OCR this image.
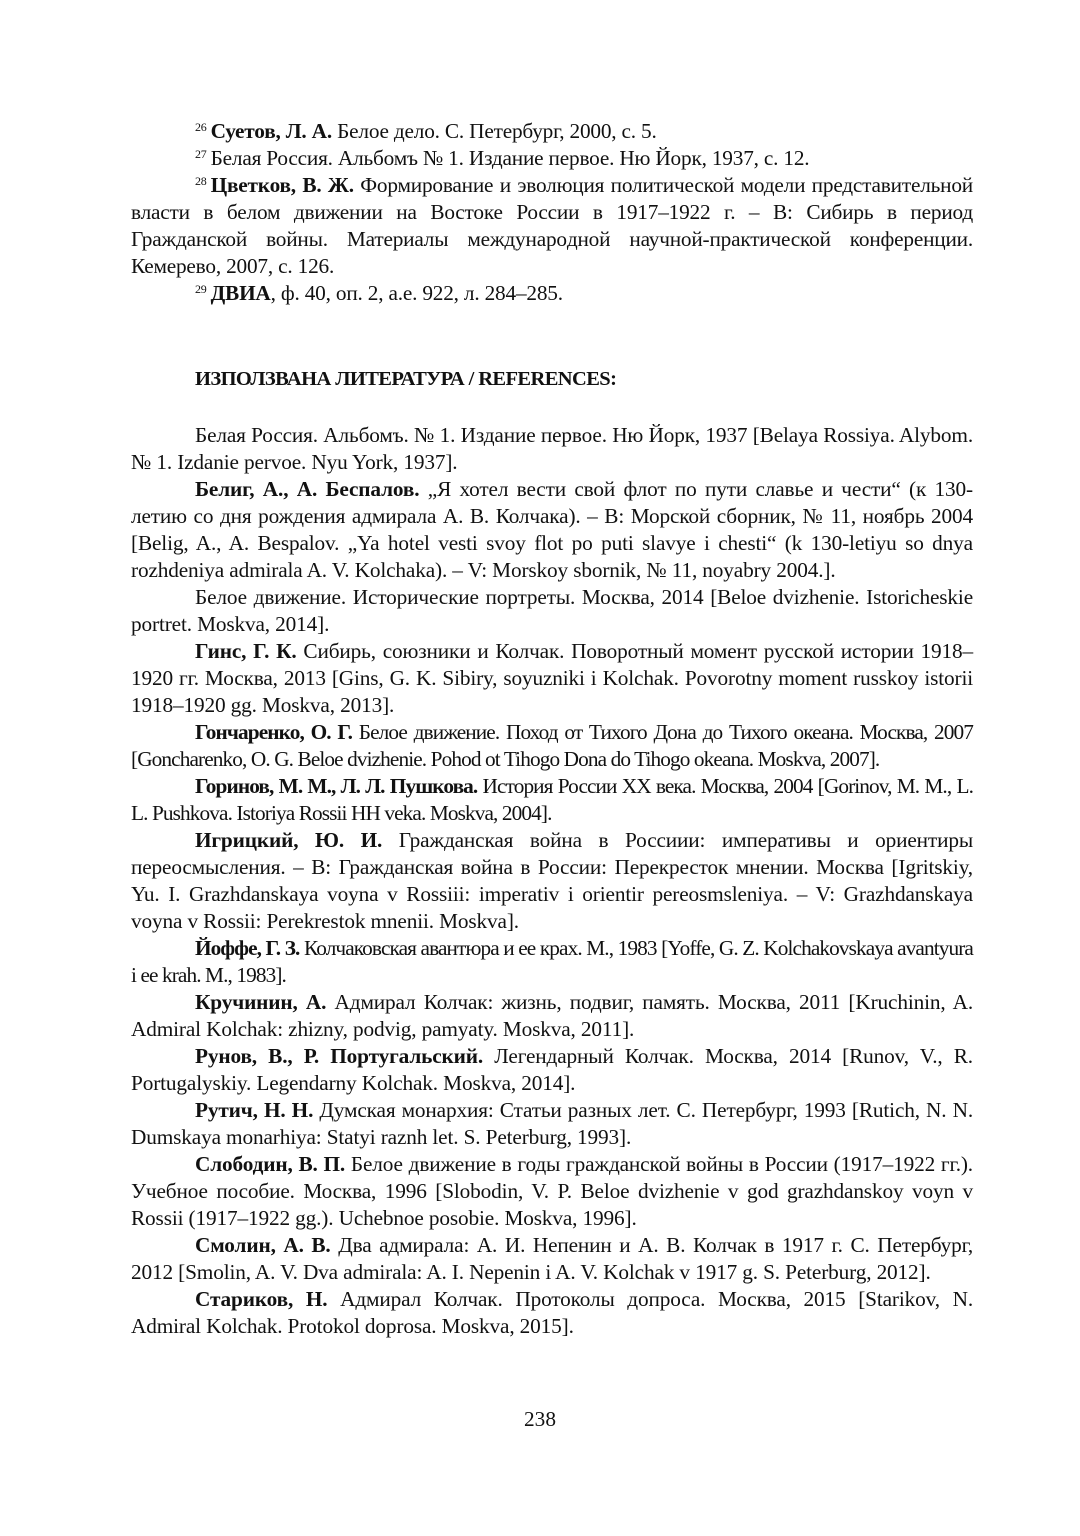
$^{26}$ Суетов, Л. А. Белое дело. С. Петербург, 2000, с. 5.

$^{27}$ Белая Россия. Альбомъ № 1. Издание первое. Ню Йорк, 1937, с. 12.

$^{28}$ Цветков, В. Ж. Формирование и эволюция политической модели представительной власти в белом движении на Востоке России в 1917–1922 г. – В: Сибирь в период Гражданской войны. Материалы междунарoдной научной-практической конференции. Кемерево, 2007, с. 126.

$^{29}$ ДВИА, ф. 40, оп. 2, а.е. 922, л. 284–285.

ИЗПОЛЗВАНА ЛИТЕРАТУРА / REFERENCES:

Белая Россия. Альбомъ. № 1. Издание первое. Ню Йорк, 1937 [Belaya Rossiya. Alybom. № 1. Izdanie pervoe. Nyu York, 1937].

Белиг, А., А. Беспалов. „Я хотел вести свой флот по пути славье и чести“ (к 130-летию со дня рождения адмирала А. В. Колчака). – В: Морской сборник, № 11, ноябрь 2004 [Belig, A., A. Bespalov. „Ya hotel vesti svoy flot po puti slavye i chesti“ (k 130-letiyu so dnya rozhdeniya admirala A. V. Kolchaka). – V: Morskoy sbornik, № 11, noyabry 2004.].

Белое движение. Исторические портреты. Москва, 2014 [Beloe dvizhenie. Istoricheskie portret. Moskva, 2014].

Гинс, Г. К. Сибирь, союзники и Колчак. Поворотный момент русской истории 1918–1920 гг. Москва, 2013 [Gins, G. K. Sibiry, soyuzniki i Kolchak. Povorotny moment russkoy istorii 1918–1920 gg. Moskva, 2013].

Гончаренко, О. Г. Белое движение. Поход от Тихого Дона до Тихого океана. Москва, 2007 [Goncharenko, O. G. Beloe dvizhenie. Pohod ot Tihogo Dona do Tihogo okeana. Moskva, 2007].

Горинов, М. М., Л. Л. Пушкова. История России XX века. Москва, 2004 [Gorinov, M. M., L. L. Pushkova. Istoriya Rossii HH veka. Moskva, 2004].

Игрицкий, Ю. И. Гражданская война в Россиии: императивы и ориентиры переосмысления. – В: Гражданская война в России: Перекресток мнении. Москва [Igritskiy, Yu. I. Grazhdanskaya voyna v Rossiii: imperativ i orientir pereosmsleniya. – V: Grazhdanskaya voyna v Rossii: Perekrestok mnenii. Moskva].

Йоффе, Г. З. Колчаковская авантюра и ее крах. М., 1983 [Yoffe, G. Z. Kolchakovskaya avantyura i ee krah. M., 1983].

Кручинин, А. Адмирал Колчак: жизнь, подвиг, память. Москва, 2011 [Kruchinin, A. Admiral Kolchak: zhizny, podvig, pamyaty. Moskva, 2011].

Рунов, В., Р. Португальский. Легендарный Колчак. Москва, 2014 [Runov, V., R. Portugalyskiy. Legendarny Kolchak. Moskva, 2014].

Рутич, Н. Н. Думская монархия: Статьи разных лет. С. Петербург, 1993 [Rutich, N. N. Dumskaya monarhiya: Statyi raznh let. S. Peterburg, 1993].

Слободин, В. П. Белое движение в годы гражданской войны в России (1917–1922 гг.). Учебное пособие. Москва, 1996 [Slobodin, V. P. Beloe dvizhenie v god grazhdanskoy voyn v Rossii (1917–1922 gg.). Uchebnoe posobie. Moskva, 1996].

Смолин, А. В. Два адмирала: А. И. Непенин и А. В. Колчак в 1917 г. С. Петербург, 2012 [Smolin, A. V. Dva admirala: A. I. Nepenin i A. V. Kolchak v 1917 g. S. Peterburg, 2012].

Стариков, Н. Адмирал Колчак. Протоколы допроса. Москва, 2015 [Starikov, N. Admiral Kolchak. Protokol doprosa. Moskva, 2015].

238
